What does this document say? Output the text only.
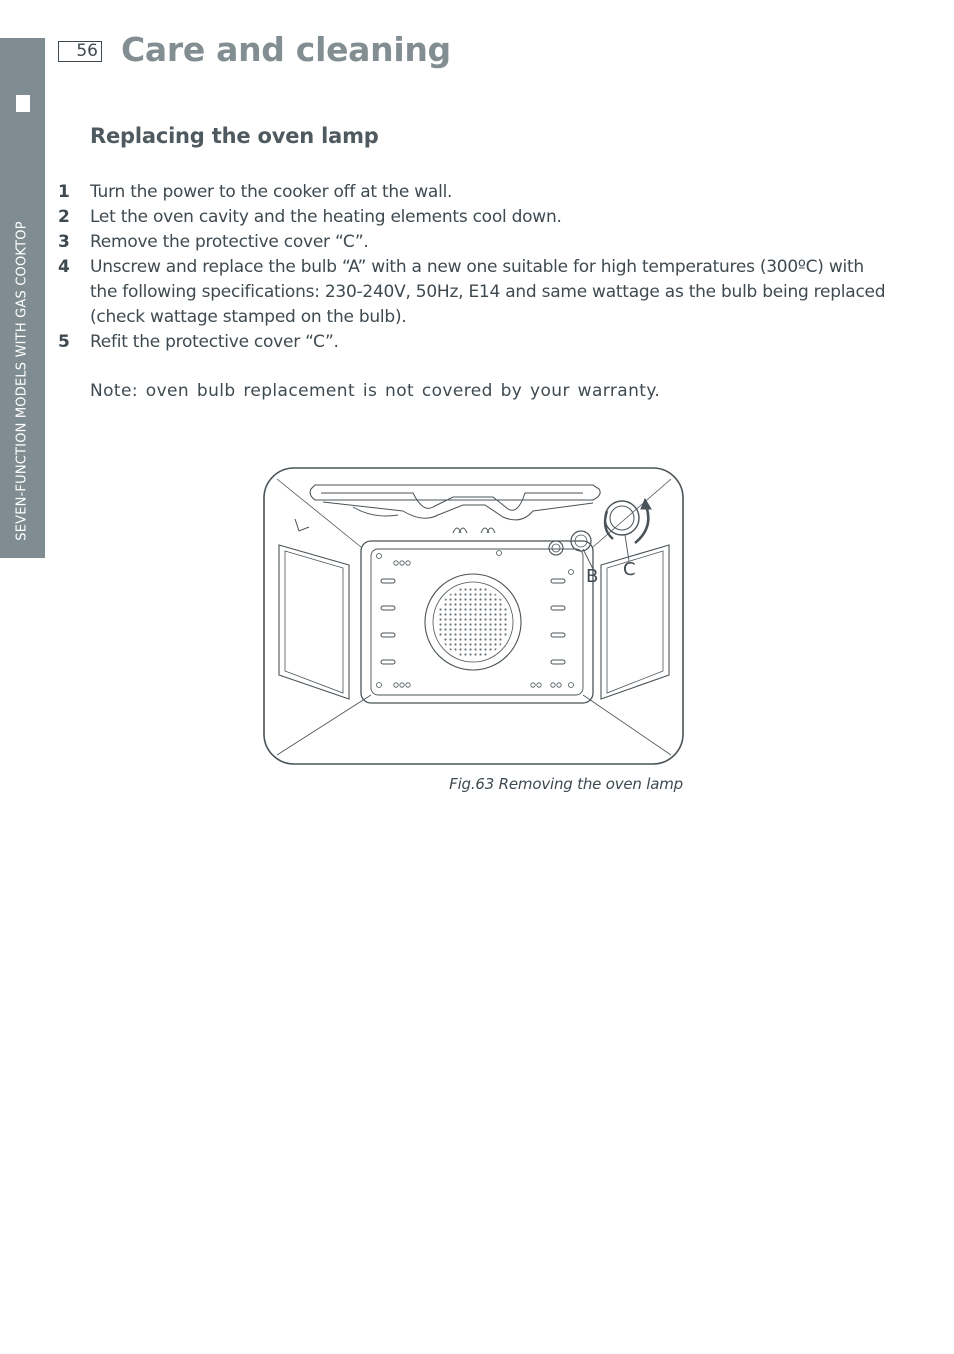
SEVEN-FUNCTION MODELS WITH GAS COOKTOP
56 Care and cleaning
Replacing the oven lamp
1 Turn the power to the cooker off at the wall.
2 Let the oven cavity and the heating elements cool down.
3 Remove the protective cover “C”.
4 Unscrew and replace the bulb “A” with a new one suitable for high temperatures (300ºC) with the following specifications: 230-240V, 50Hz, E14 and same wattage as the bulb being replaced (check wattage stamped on the bulb).
5 Refit the protective cover “C”.

Note: oven bulb replacement is not covered by your warranty.

B C
Fig.63 Removing the oven lamp
